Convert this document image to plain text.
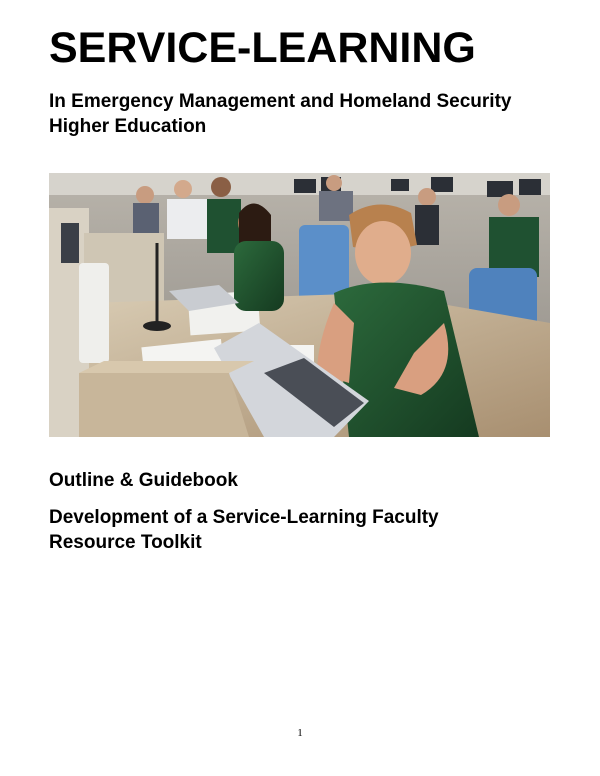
SERVICE-LEARNING
In Emergency Management and Homeland Security Higher Education
Outline & Guidebook
Development of a Service-Learning Faculty Resource Toolkit
1
